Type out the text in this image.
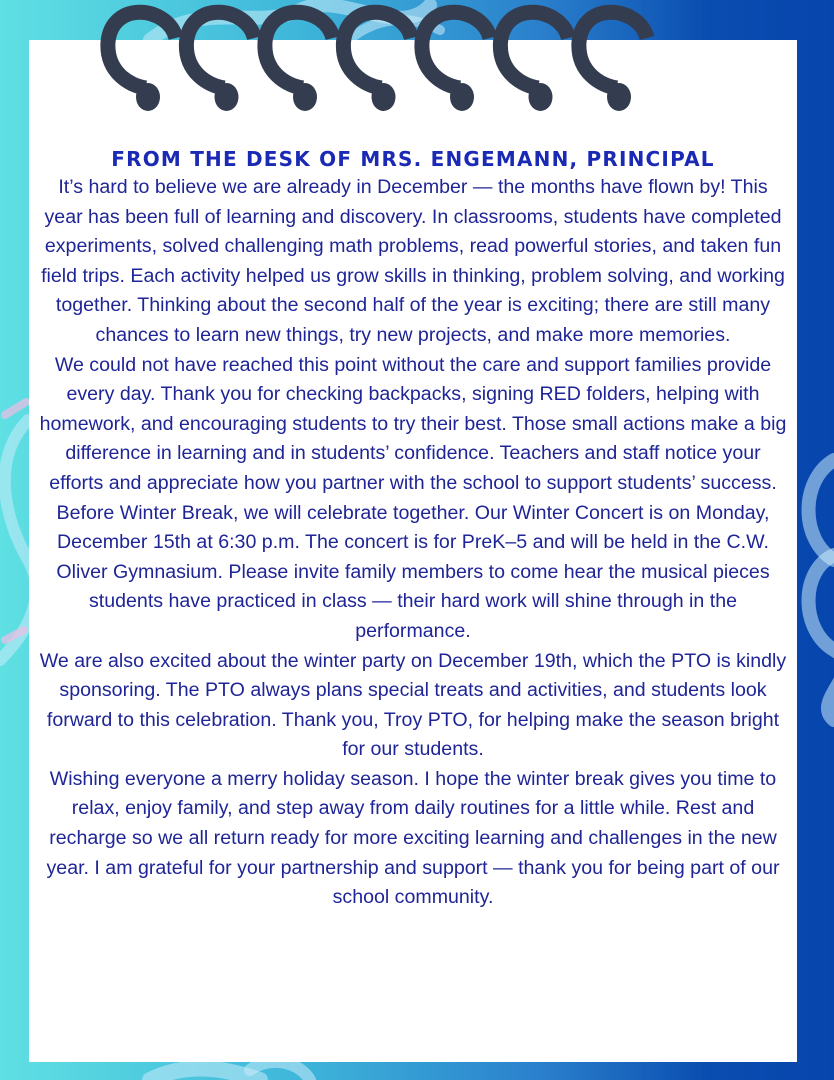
FROM THE DESK OF MRS. ENGEMANN, PRINCIPAL

It’s hard to believe we are already in December — the months have flown by! This year has been full of learning and discovery. In classrooms, students have completed experiments, solved challenging math problems, read powerful stories, and taken fun field trips. Each activity helped us grow skills in thinking, problem solving, and working together. Thinking about the second half of the year is exciting; there are still many chances to learn new things, try new projects, and make more memories.

We could not have reached this point without the care and support families provide every day. Thank you for checking backpacks, signing RED folders, helping with homework, and encouraging students to try their best. Those small actions make a big difference in learning and in students’ confidence. Teachers and staff notice your efforts and appreciate how you partner with the school to support students’ success.

Before Winter Break, we will celebrate together. Our Winter Concert is on Monday, December 15th at 6:30 p.m. The concert is for PreK–5 and will be held in the C.W. Oliver Gymnasium. Please invite family members to come hear the musical pieces students have practiced in class — their hard work will shine through in the performance.

We are also excited about the winter party on December 19th, which the PTO is kindly sponsoring. The PTO always plans special treats and activities, and students look forward to this celebration. Thank you, Troy PTO, for helping make the season bright for our students.

Wishing everyone a merry holiday season. I hope the winter break gives you time to relax, enjoy family, and step away from daily routines for a little while. Rest and recharge so we all return ready for more exciting learning and challenges in the new year. I am grateful for your partnership and support — thank you for being part of our school community.
